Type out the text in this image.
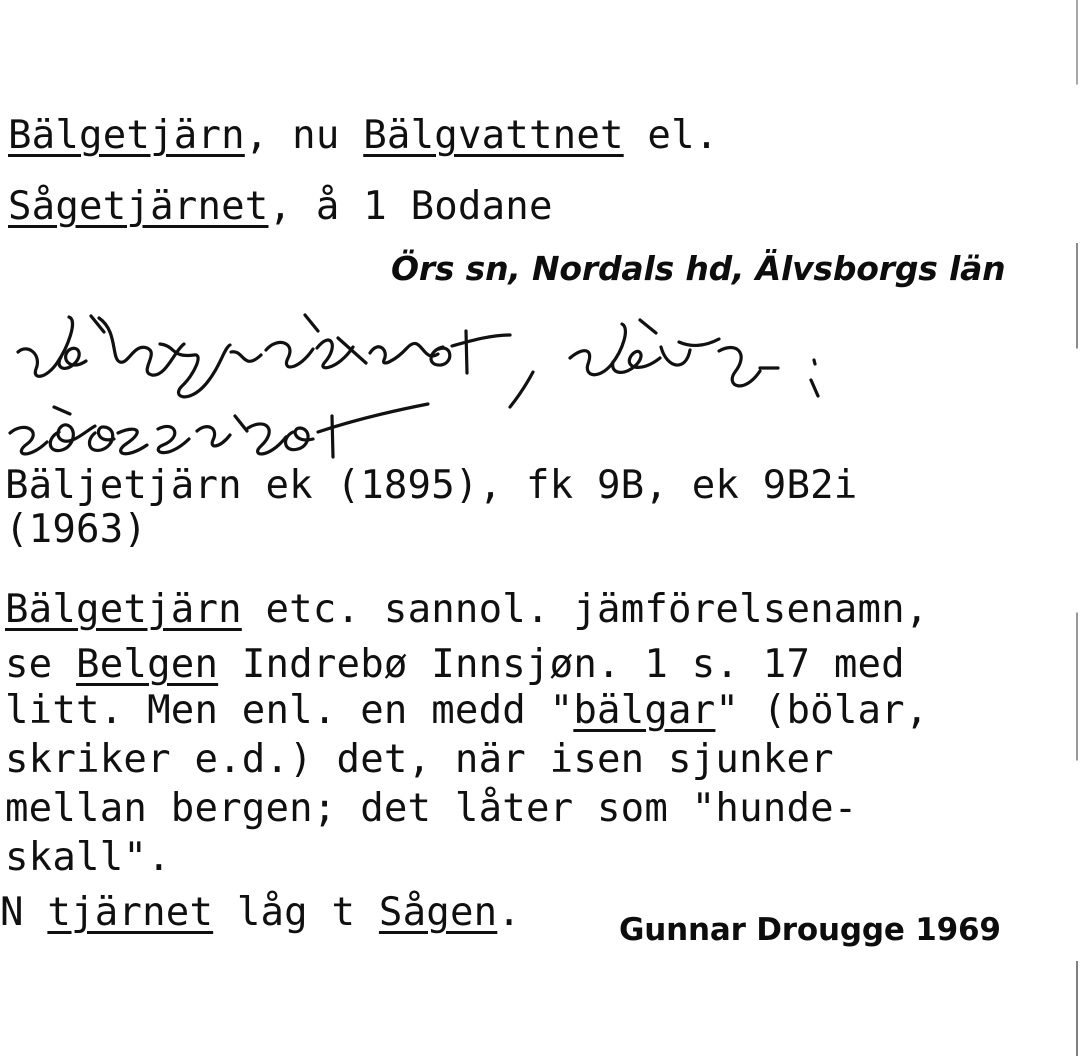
Bälgetjärn, nu Bälgvattnet el.
Sågetjärnet, å 1 Bodane
Örs sn, Nordals hd, Älvsborgs län
Bäljetjärn ek (1895), fk 9B, ek 9B2i
(1963)
Bälgetjärn etc. sannol. jämförelsenamn,
se Belgen Indrebø Innsjøn. 1 s. 17 med
litt. Men enl. en medd "bälgar" (bölar,
skriker e.d.) det, när isen sjunker
mellan bergen; det låter som "hunde-
skall".
N tjärnet låg t Sågen.	Gunnar Drougge 1969
